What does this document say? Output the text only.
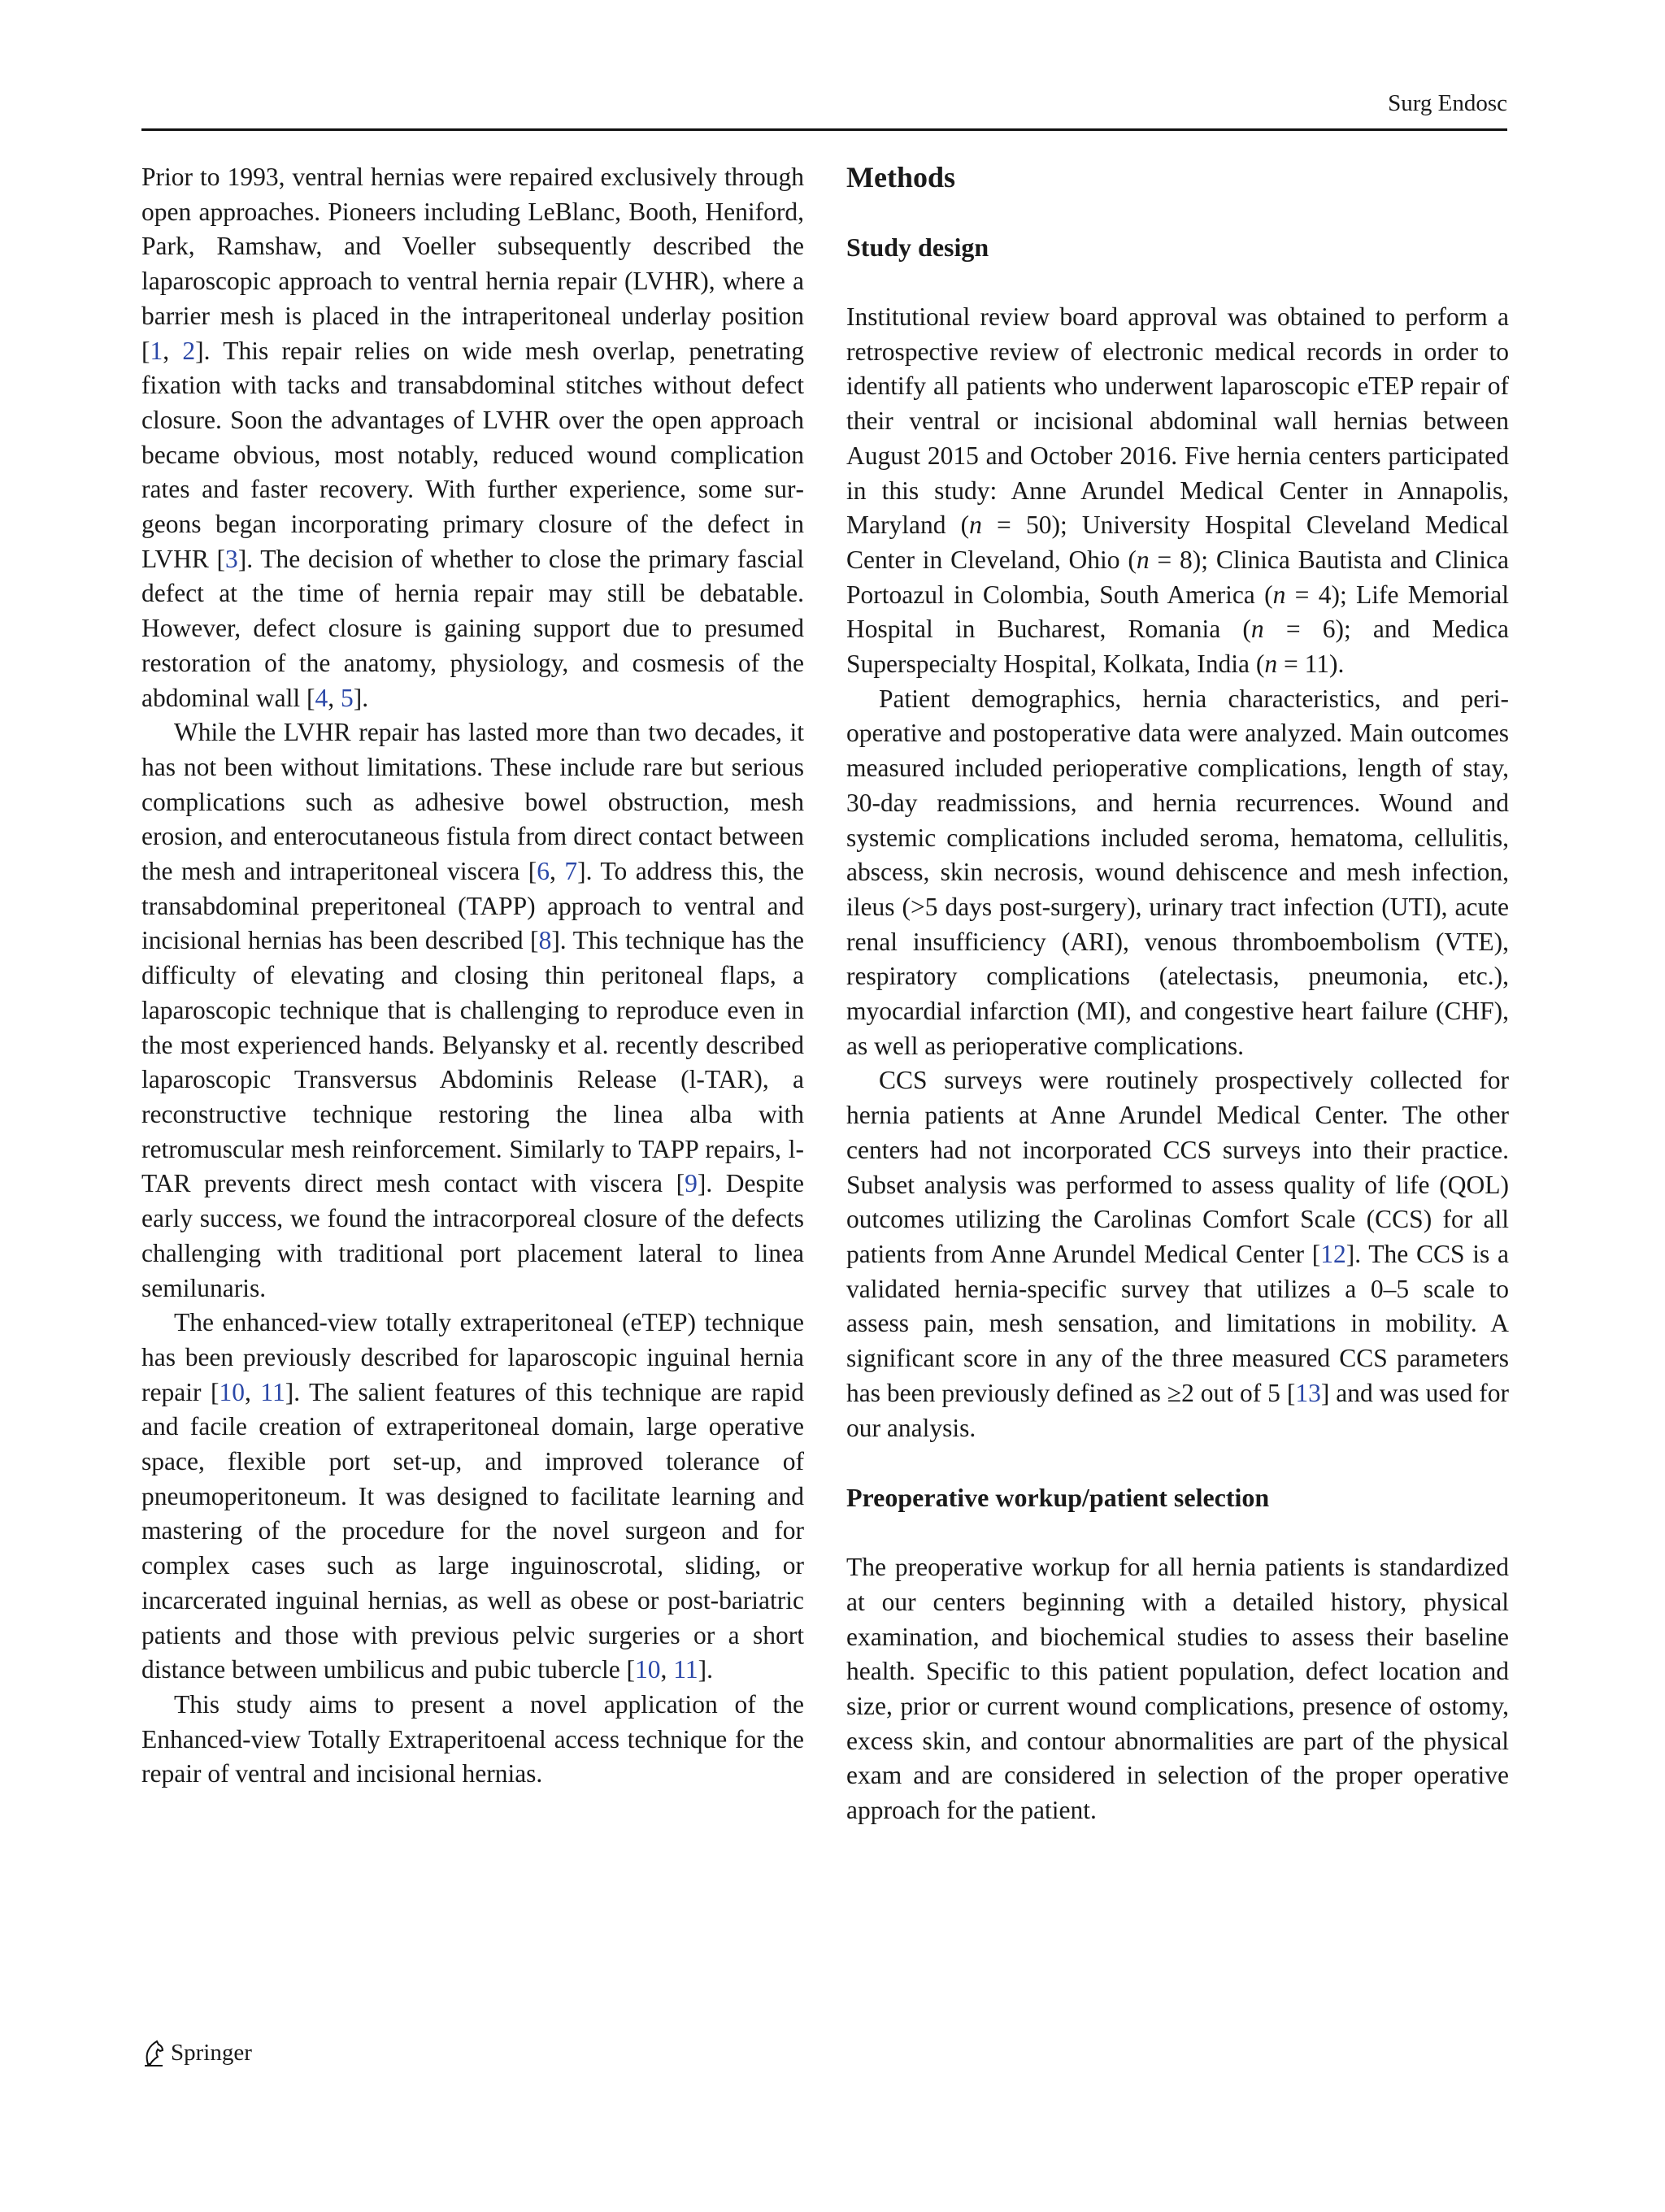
Surg Endosc

Prior to 1993, ventral hernias were repaired exclusively through open approaches. Pioneers including LeBlanc, Booth, Heniford, Park, Ramshaw, and Voeller subsequently described the laparoscopic approach to ventral hernia repair (LVHR), where a barrier mesh is placed in the intraperitoneal underlay position [1, 2]. This repair relies on wide mesh overlap, penetrating fixation with tacks and transabdominal stitches without defect closure. Soon the advantages of LVHR over the open approach became obvious, most notably, reduced wound complication rates and faster recovery. With further experience, some surgeons began incorporating primary closure of the defect in LVHR [3]. The decision of whether to close the primary fascial defect at the time of hernia repair may still be debatable. However, defect closure is gaining support due to presumed restoration of the anatomy, physiology, and cosmesis of the abdominal wall [4, 5].

While the LVHR repair has lasted more than two decades, it has not been without limitations. These include rare but serious complications such as adhesive bowel obstruction, mesh erosion, and enterocutaneous fistula from direct contact between the mesh and intraperitoneal viscera [6, 7]. To address this, the transabdominal preperitoneal (TAPP) approach to ventral and incisional hernias has been described [8]. This technique has the difficulty of elevating and closing thin peritoneal flaps, a laparoscopic technique that is challenging to reproduce even in the most experienced hands. Belyansky et al. recently described laparoscopic Transversus Abdominis Release (l-TAR), a reconstructive technique restoring the linea alba with retromuscular mesh reinforcement. Similarly to TAPP repairs, l-TAR prevents direct mesh contact with viscera [9]. Despite early success, we found the intracorporeal closure of the defects challenging with traditional port placement lateral to linea semilunaris.

The enhanced-view totally extraperitoneal (eTEP) technique has been previously described for laparoscopic inguinal hernia repair [10, 11]. The salient features of this technique are rapid and facile creation of extraperitoneal domain, large operative space, flexible port set-up, and improved tolerance of pneumoperitoneum. It was designed to facilitate learning and mastering of the procedure for the novel surgeon and for complex cases such as large inguinoscrotal, sliding, or incarcerated inguinal hernias, as well as obese or post-bariatric patients and those with previous pelvic surgeries or a short distance between umbilicus and pubic tubercle [10, 11].

This study aims to present a novel application of the Enhanced-view Totally Extraperitoenal access technique for the repair of ventral and incisional hernias.

Methods
Study design

Institutional review board approval was obtained to perform a retrospective review of electronic medical records in order to identify all patients who underwent laparoscopic eTEP repair of their ventral or incisional abdominal wall hernias between August 2015 and October 2016. Five hernia centers participated in this study: Anne Arundel Medical Center in Annapolis, Maryland (n = 50); University Hospital Cleveland Medical Center in Cleveland, Ohio (n = 8); Clinica Bautista and Clinica Portoazul in Colombia, South America (n = 4); Life Memorial Hospital in Bucharest, Romania (n = 6); and Medica Superspecialty Hospital, Kolkata, India (n = 11).

Patient demographics, hernia characteristics, and perioperative and postoperative data were analyzed. Main outcomes measured included perioperative complications, length of stay, 30-day readmissions, and hernia recurrences. Wound and systemic complications included seroma, hematoma, cellulitis, abscess, skin necrosis, wound dehiscence and mesh infection, ileus (>5 days post-surgery), urinary tract infection (UTI), acute renal insufficiency (ARI), venous thromboembolism (VTE), respiratory complications (atelectasis, pneumonia, etc.), myocardial infarction (MI), and congestive heart failure (CHF), as well as perioperative complications.

CCS surveys were routinely prospectively collected for hernia patients at Anne Arundel Medical Center. The other centers had not incorporated CCS surveys into their practice. Subset analysis was performed to assess quality of life (QOL) outcomes utilizing the Carolinas Comfort Scale (CCS) for all patients from Anne Arundel Medical Center [12]. The CCS is a validated hernia-specific survey that utilizes a 0–5 scale to assess pain, mesh sensation, and limitations in mobility. A significant score in any of the three measured CCS parameters has been previously defined as ≥2 out of 5 [13] and was used for our analysis.

Preoperative workup/patient selection

The preoperative workup for all hernia patients is standardized at our centers beginning with a detailed history, physical examination, and biochemical studies to assess their baseline health. Specific to this patient population, defect location and size, prior or current wound complications, presence of ostomy, excess skin, and contour abnormalities are part of the physical exam and are considered in selection of the proper operative approach for the patient.

Springer
